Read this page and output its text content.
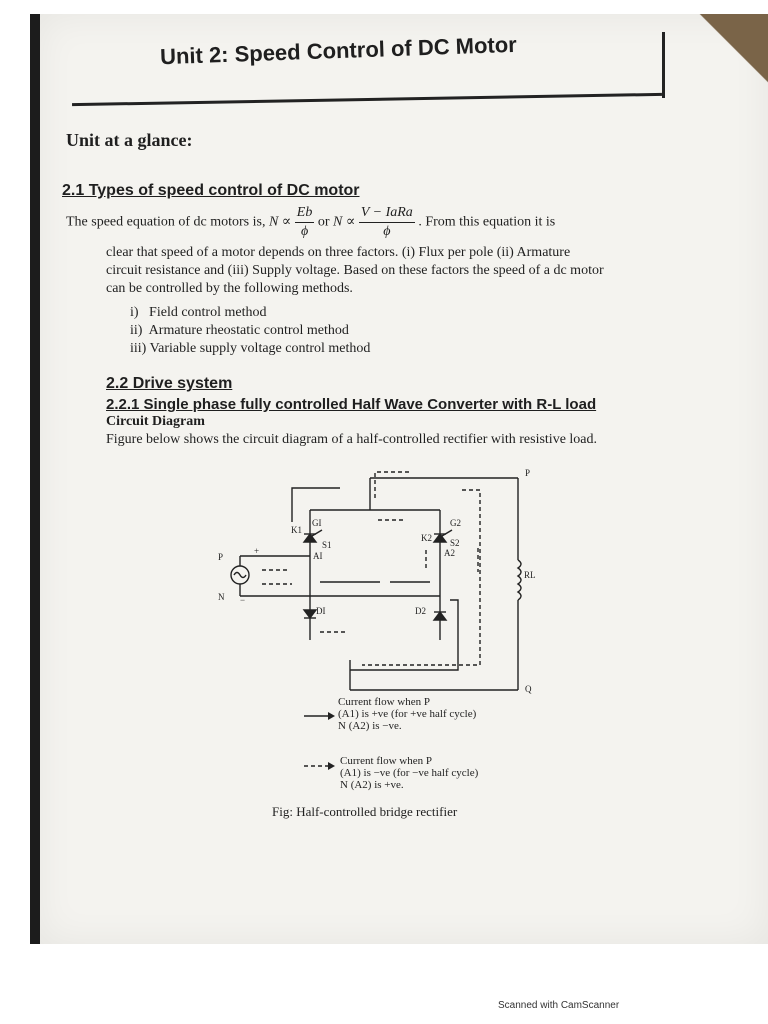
Unit 2: Speed Control of DC Motor
Unit at a glance:
2.1 Types of speed control of DC motor
The speed equation of dc motors is, $N \propto \frac{Eb}{\phi}$ or $N \propto \frac{\text{V − IaRa}}{\phi}$ . From this equation it is
clear that speed of a motor depends on three factors. (i) Flux per pole (ii) Armature
circuit resistance and (iii) Supply voltage. Based on these factors the speed of a dc motor
can be controlled by the following methods.
i)   Field control method
ii)  Armature rheostatic control method
iii) Variable supply voltage control method
2.2 Drive system
2.2.1 Single phase fully controlled Half Wave Converter with R-L load
Circuit Diagram
Figure below shows the circuit diagram of a half-controlled rectifier with resistive load.
P
Q
RL
P
N
+
−
GI
K1
S1
AI
G2
K2 S2
A2
DI	D2
Current flow when P
(A1) is +ve (for +ve half cycle)
N (A2) is −ve.
Current flow when P
(A1) is −ve (for −ve half cycle)
N (A2) is +ve.
Fig: Half-controlled bridge rectifier
Scanned with CamScanner
